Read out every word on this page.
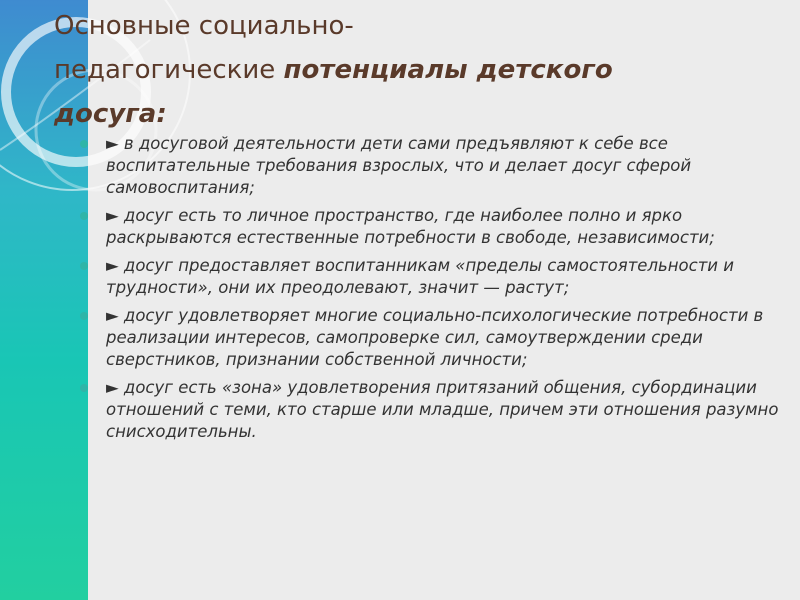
Основные социально-
педагогические потенциалы детского
досуга:
► в досуговой деятельности дети сами предъявляют к себе все воспитательные требования взрослых, что и делает досуг сферой самовоспитания;
► досуг есть то личное пространство, где наиболее полно и ярко раскрываются естественные потребности в свободе, независимости;
► досуг предоставляет воспитанникам «пределы самостоятельности и трудности», они их преодолевают, значит — растут;
► досуг удовлетворяет многие социально-психологические потребности в реализации интересов, самопроверке сил, самоутверждении среди сверстников, признании собственной личности;
► досуг есть «зона» удовлетворения притязаний общения, субординации отношений с теми, кто старше или младше, причем эти отношения разумно снисходительны.
